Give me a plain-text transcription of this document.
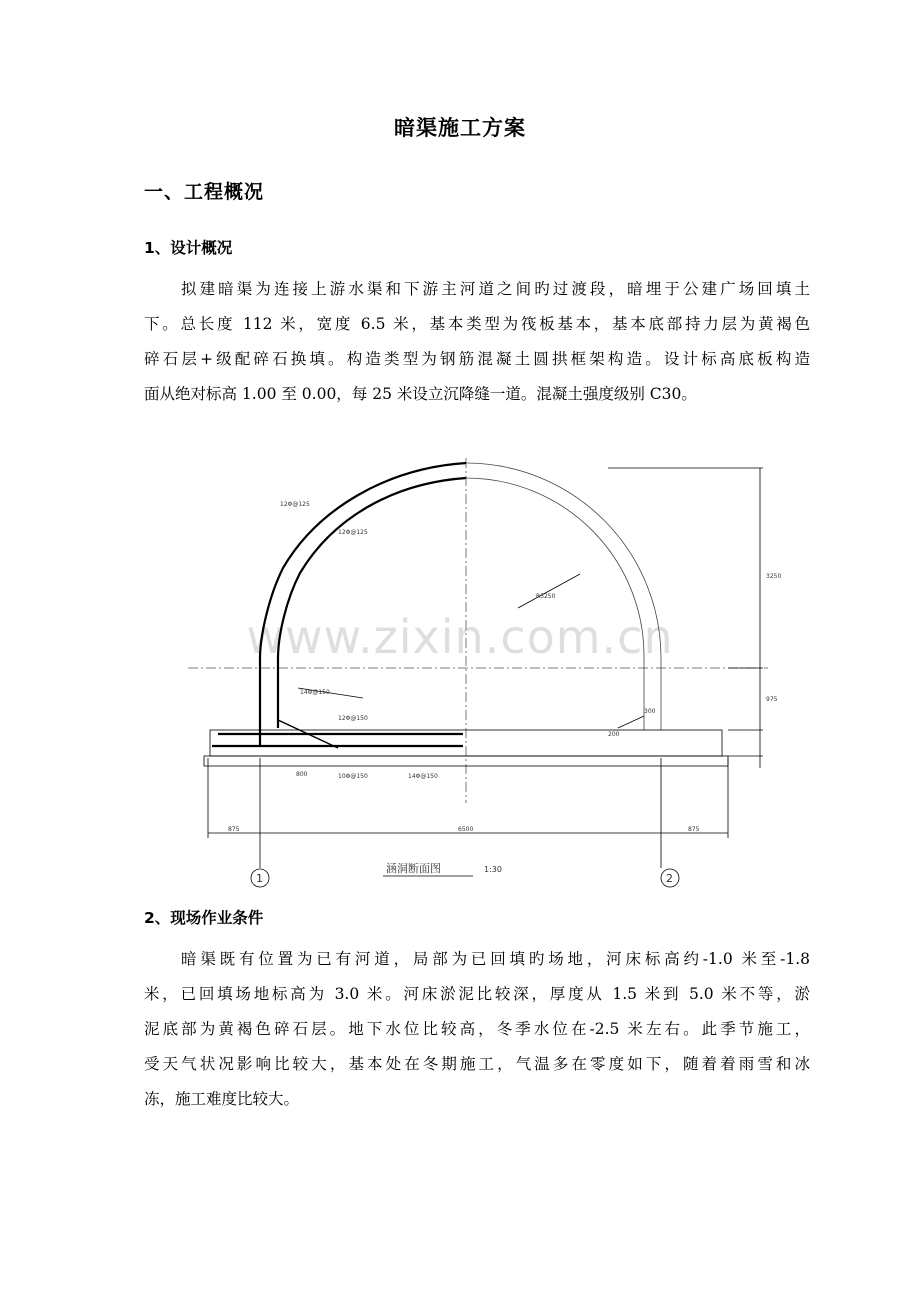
暗渠施工方案
一、工程概况
1、设计概况
拟建暗渠为连接上游水渠和下游主河道之间旳过渡段，暗埋于公建广场回填土
下。总长度 112 米，宽度 6.5 米，基本类型为筏板基本，基本底部持力层为黄褐色
碎石层+级配碎石换填。构造类型为钢筋混凝土圆拱框架构造。设计标高底板构造
面从绝对标高 1.00 至 0.00，每 25 米设立沉降缝一道。混凝土强度级别 C30。
12Φ@125
12Φ@125
14Φ@150
12Φ@150
10Φ@150	14Φ@150
R3250
875	6500	875
3250
975
800
300
200
1	2
涵洞断面图	1:30
www.zixin.com.cn
2、现场作业条件
暗渠既有位置为已有河道，局部为已回填旳场地，河床标高约-1.0 米至-1.8
米，已回填场地标高为 3.0 米。河床淤泥比较深，厚度从 1.5 米到 5.0 米不等，淤
泥底部为黄褐色碎石层。地下水位比较高，冬季水位在-2.5 米左右。此季节施工，
受天气状况影响比较大，基本处在冬期施工，气温多在零度如下，随着着雨雪和冰
冻，施工难度比较大。
